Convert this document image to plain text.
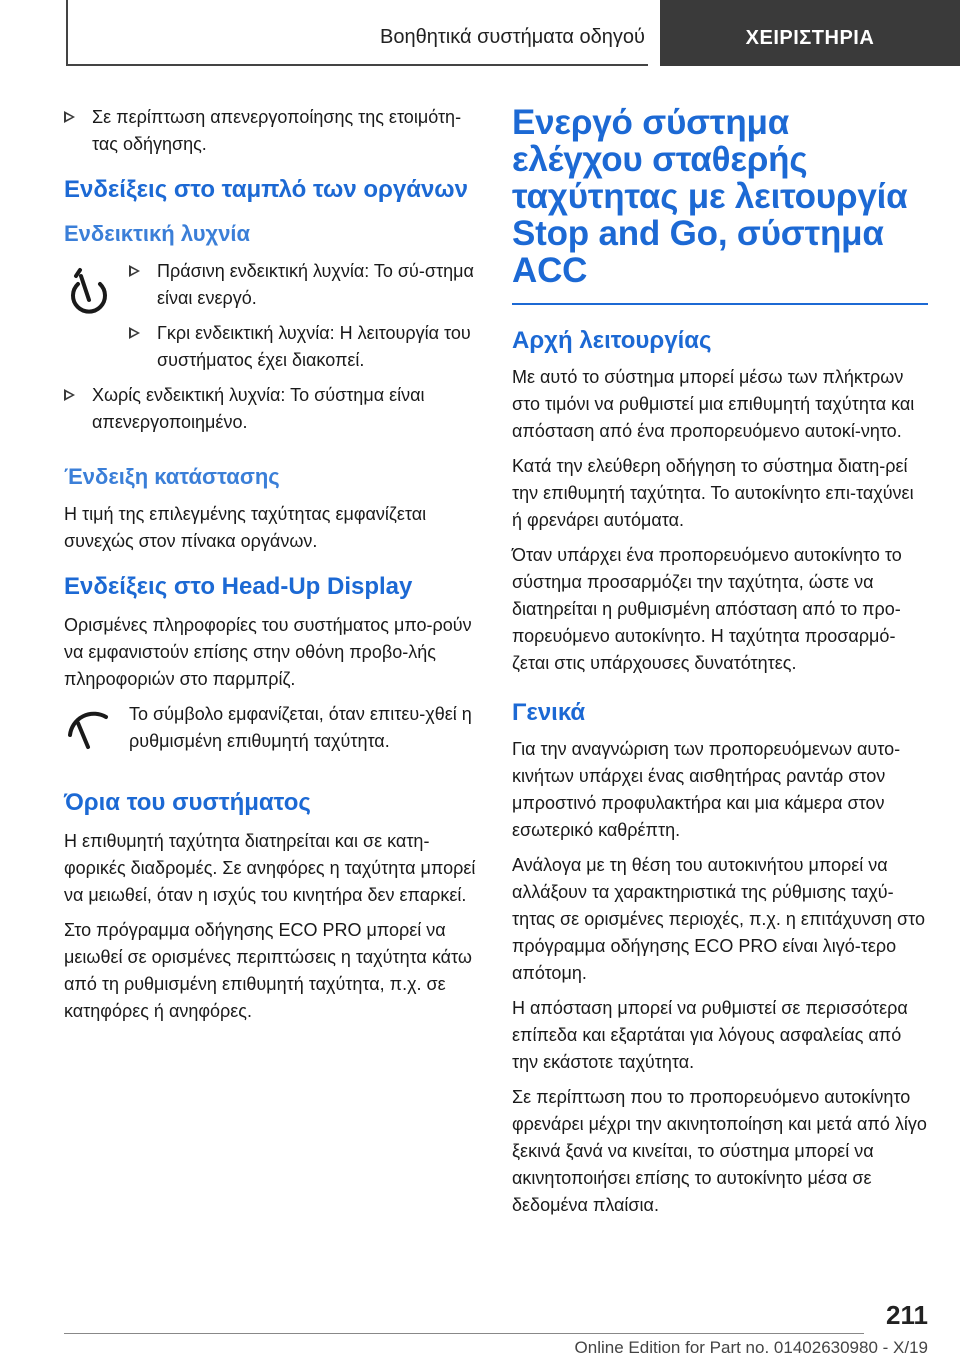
Βοηθητικά συστήματα οδηγού	ΧΕΙΡΙΣΤΗΡΙΑ
Σε περίπτωση απενεργοποίησης της ετοιμότη-τας οδήγησης.
Ενδείξεις στο ταμπλό των οργάνων
Ενδεικτική λυχνία
Πράσινη ενδεικτική λυχνία: Το σύ-στημα είναι ενεργό.
Γκρι ενδεικτική λυχνία: Η λειτουργία του συστήματος έχει διακοπεί.
Χωρίς ενδεικτική λυχνία: Το σύστημα είναι απενεργοποιημένο.
Ένδειξη κατάστασης

Η τιμή της επιλεγμένης ταχύτητας εμφανίζεται συνεχώς στον πίνακα οργάνων.

Ενδείξεις στο Head-Up Display

Ορισμένες πληροφορίες του συστήματος μπο-ρούν να εμφανιστούν επίσης στην οθόνη προβο-λής πληροφοριών στο παρμπρίζ.

Το σύμβολο εμφανίζεται, όταν επιτευ-χθεί η ρυθμισμένη επιθυμητή ταχύτητα.

Όρια του συστήματος

Η επιθυμητή ταχύτητα διατηρείται και σε κατη-φορικές διαδρομές. Σε ανηφόρες η ταχύτητα μπορεί να μειωθεί, όταν η ισχύς του κινητήρα δεν επαρκεί.

Στο πρόγραμμα οδήγησης ECO PRO μπορεί να μειωθεί σε ορισμένες περιπτώσεις η ταχύτητα κάτω από τη ρυθμισμένη επιθυμητή ταχύτητα, π.χ. σε κατηφόρες ή ανηφόρες.

Ενεργό σύστημα ελέγχου σταθερής ταχύτητας με λειτουργία Stop and Go, σύστημα ACC
Αρχή λειτουργίας

Με αυτό το σύστημα μπορεί μέσω των πλήκτρων στο τιμόνι να ρυθμιστεί μια επιθυμητή ταχύτητα και απόσταση από ένα προπορευόμενο αυτοκί-νητο.

Κατά την ελεύθερη οδήγηση το σύστημα διατη-ρεί την επιθυμητή ταχύτητα. Το αυτοκίνητο επι-ταχύνει ή φρενάρει αυτόματα.

Όταν υπάρχει ένα προπορευόμενο αυτοκίνητο το σύστημα προσαρμόζει την ταχύτητα, ώστε να διατηρείται η ρυθμισμένη απόσταση από το προ-πορευόμενο αυτοκίνητο. Η ταχύτητα προσαρμό-ζεται στις υπάρχουσες δυνατότητες.

Γενικά

Για την αναγνώριση των προπορευόμενων αυτο-κινήτων υπάρχει ένας αισθητήρας ραντάρ στον μπροστινό προφυλακτήρα και μια κάμερα στον εσωτερικό καθρέπτη.

Ανάλογα με τη θέση του αυτοκινήτου μπορεί να αλλάξουν τα χαρακτηριστικά της ρύθμισης ταχύ-τητας σε ορισμένες περιοχές, π.χ. η επιτάχυνση στο πρόγραμμα οδήγησης ECO PRO είναι λιγό-τερο απότομη.

Η απόσταση μπορεί να ρυθμιστεί σε περισσότερα επίπεδα και εξαρτάται για λόγους ασφαλείας από την εκάστοτε ταχύτητα.

Σε περίπτωση που το προπορευόμενο αυτοκίνητο φρενάρει μέχρι την ακινητοποίηση και μετά από λίγο ξεκινά ξανά να κινείται, το σύστημα μπορεί να ακινητοποιήσει επίσης το αυτοκίνητο μέσα σε δεδομένα πλαίσια.

211
Online Edition for Part no. 01402630980 - X/19
